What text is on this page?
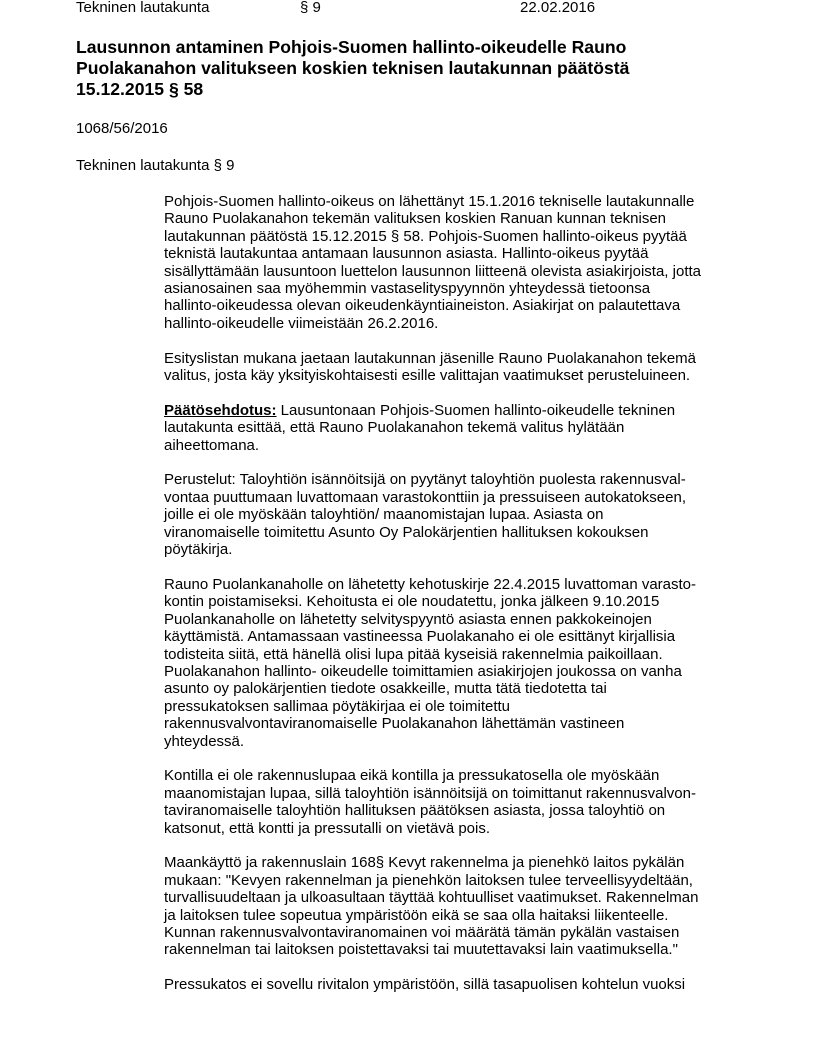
Tekninen lautakunta	§ 9	22.02.2016
Lausunnon antaminen Pohjois-Suomen hallinto-oikeudelle Rauno Puolakanahon valitukseen koskien teknisen lautakunnan päätöstä 15.12.2015 § 58
1068/56/2016
Tekninen lautakunta § 9

Pohjois-Suomen hallinto-oikeus on lähettänyt 15.1.2016 tekniselle lautakunnalle
Rauno Puolakanahon tekemän valituksen koskien Ranuan kunnan teknisen
lautakunnan päätöstä 15.12.2015 § 58. Pohjois-Suomen hallinto-oikeus pyytää
teknistä lautakuntaa antamaan lausunnon asiasta. Hallinto-oikeus pyytää
sisällyttämään lausuntoon luettelon lausunnon liitteenä olevista asiakirjoista, jotta
asianosainen saa myöhemmin vastaselityspyynnön yhteydessä tietoonsa
hallinto-oikeudessa olevan oikeudenkäyntiaineiston. Asiakirjat on palautettava
hallinto-oikeudelle viimeistään 26.2.2016.

Esityslistan mukana jaetaan lautakunnan jäsenille Rauno Puolakanahon tekemä
valitus, josta käy yksityiskohtaisesti esille valittajan vaatimukset perusteluineen.

Päätösehdotus: Lausuntonaan Pohjois-Suomen hallinto-oikeudelle tekninen
lautakunta esittää, että Rauno Puolakanahon tekemä valitus hylätään
aiheettomana.

Perustelut: Taloyhtiön isännöitsijä on pyytänyt taloyhtiön puolesta rakennusval-
vontaa puuttumaan luvattomaan varastokonttiin ja pressuiseen autokatokseen,
joille ei ole myöskään taloyhtiön/ maanomistajan lupaa. Asiasta on
viranomaiselle toimitettu Asunto Oy Palokärjentien hallituksen kokouksen
pöytäkirja.

Rauno Puolankanaholle on lähetetty kehotuskirje 22.4.2015 luvattoman varasto-
kontin poistamiseksi. Kehoitusta ei ole noudatettu, jonka jälkeen 9.10.2015
Puolankanaholle on lähetetty selvityspyyntö asiasta ennen pakkokeinojen
käyttämistä. Antamassaan vastineessa Puolakanaho ei ole esittänyt kirjallisia
todisteita siitä, että hänellä olisi lupa pitää kyseisiä rakennelmia paikoillaan.
Puolakanahon hallinto- oikeudelle toimittamien asiakirjojen joukossa on vanha
asunto oy palokärjentien tiedote osakkeille, mutta tätä tiedotetta tai
pressukatoksen sallimaa pöytäkirjaa ei ole toimitettu
rakennusvalvontaviranomaiselle Puolakanahon lähettämän vastineen
yhteydessä.

Kontilla ei ole rakennuslupaa eikä kontilla ja pressukatosella ole myöskään
maanomistajan lupaa, sillä taloyhtiön isännöitsijä on toimittanut rakennusvalvon-
taviranomaiselle taloyhtiön hallituksen päätöksen asiasta, jossa taloyhtiö on
katsonut, että kontti ja pressutalli on vietävä pois.

Maankäyttö ja rakennuslain 168§ Kevyt rakennelma ja pienehkö laitos pykälän
mukaan: "Kevyen rakennelman ja pienehkön laitoksen tulee terveellisyydeltään,
turvallisuudeltaan ja ulkoasultaan täyttää kohtuulliset vaatimukset. Rakennelman
ja laitoksen tulee sopeutua ympäristöön eikä se saa olla haitaksi liikenteelle.
Kunnan rakennusvalvontaviranomainen voi määrätä tämän pykälän vastaisen
rakennelman tai laitoksen poistettavaksi tai muutettavaksi lain vaatimuksella."

Pressukatos ei sovellu rivitalon ympäristöön, sillä tasapuolisen kohtelun vuoksi
